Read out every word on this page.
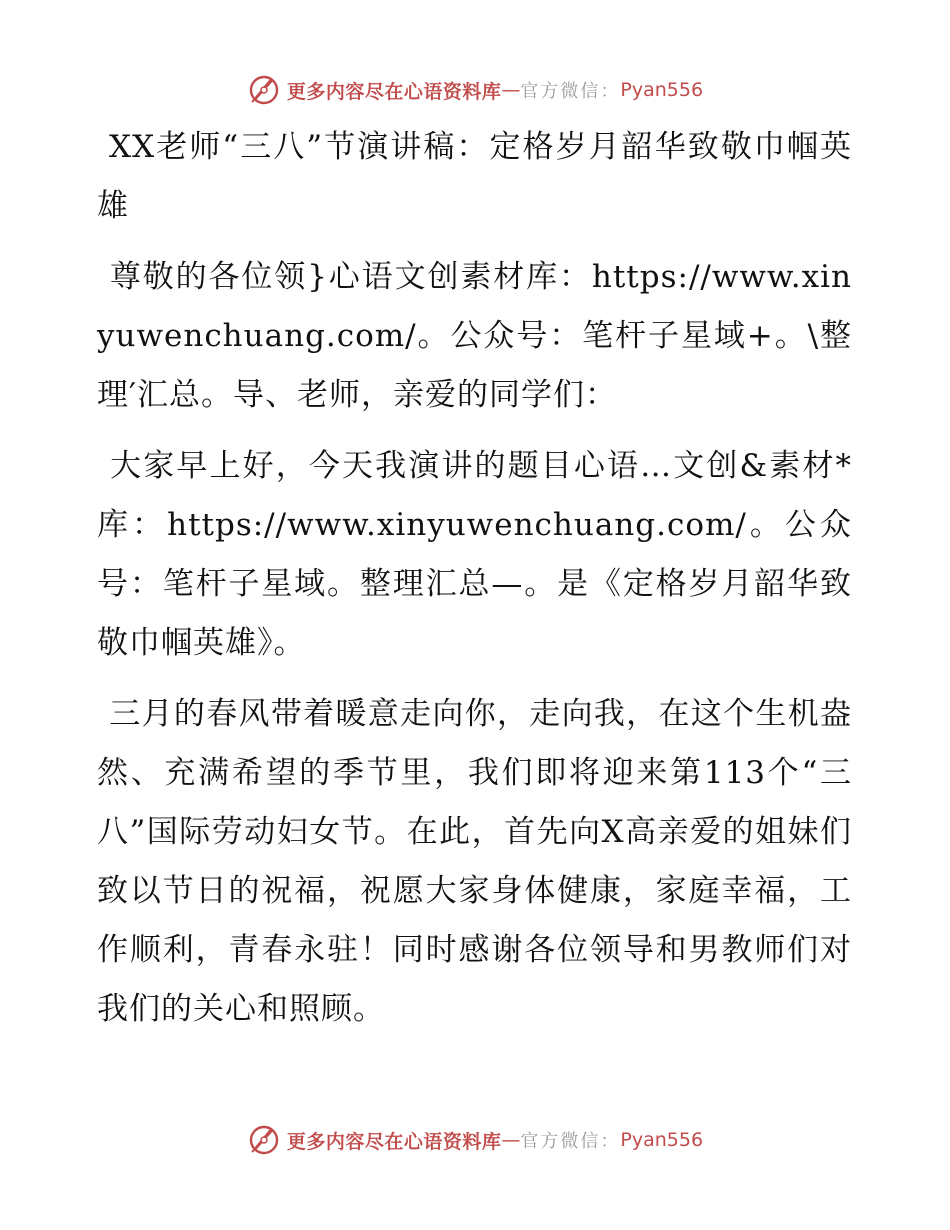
更多内容尽在心语资料库 — 官方微信： Pyan556

XX老师“三八”节演讲稿：定格岁月韶华致敬巾帼英雄

尊敬的各位领}心语文创素材库：https://www.xinyuwenchuang.com/。公众号：笔杆子星域+。\整理′汇总。导、老师，亲爱的同学们：

大家早上好，今天我演讲的题目心语…文创&素材*库：https://www.xinyuwenchuang.com/。公众号：笔杆子星域。整理汇总—。是《定格岁月韶华致敬巾帼英雄》。

三月的春风带着暖意走向你，走向我，在这个生机盎然、充满希望的季节里，我们即将迎来第113个“三八”国际劳动妇女节。在此，首先向X高亲爱的姐妹们致以节日的祝福，祝愿大家身体健康，家庭幸福，工作顺利，青春永驻！同时感谢各位领导和男教师们对我们的关心和照顾。

更多内容尽在心语资料库 — 官方微信： Pyan556
